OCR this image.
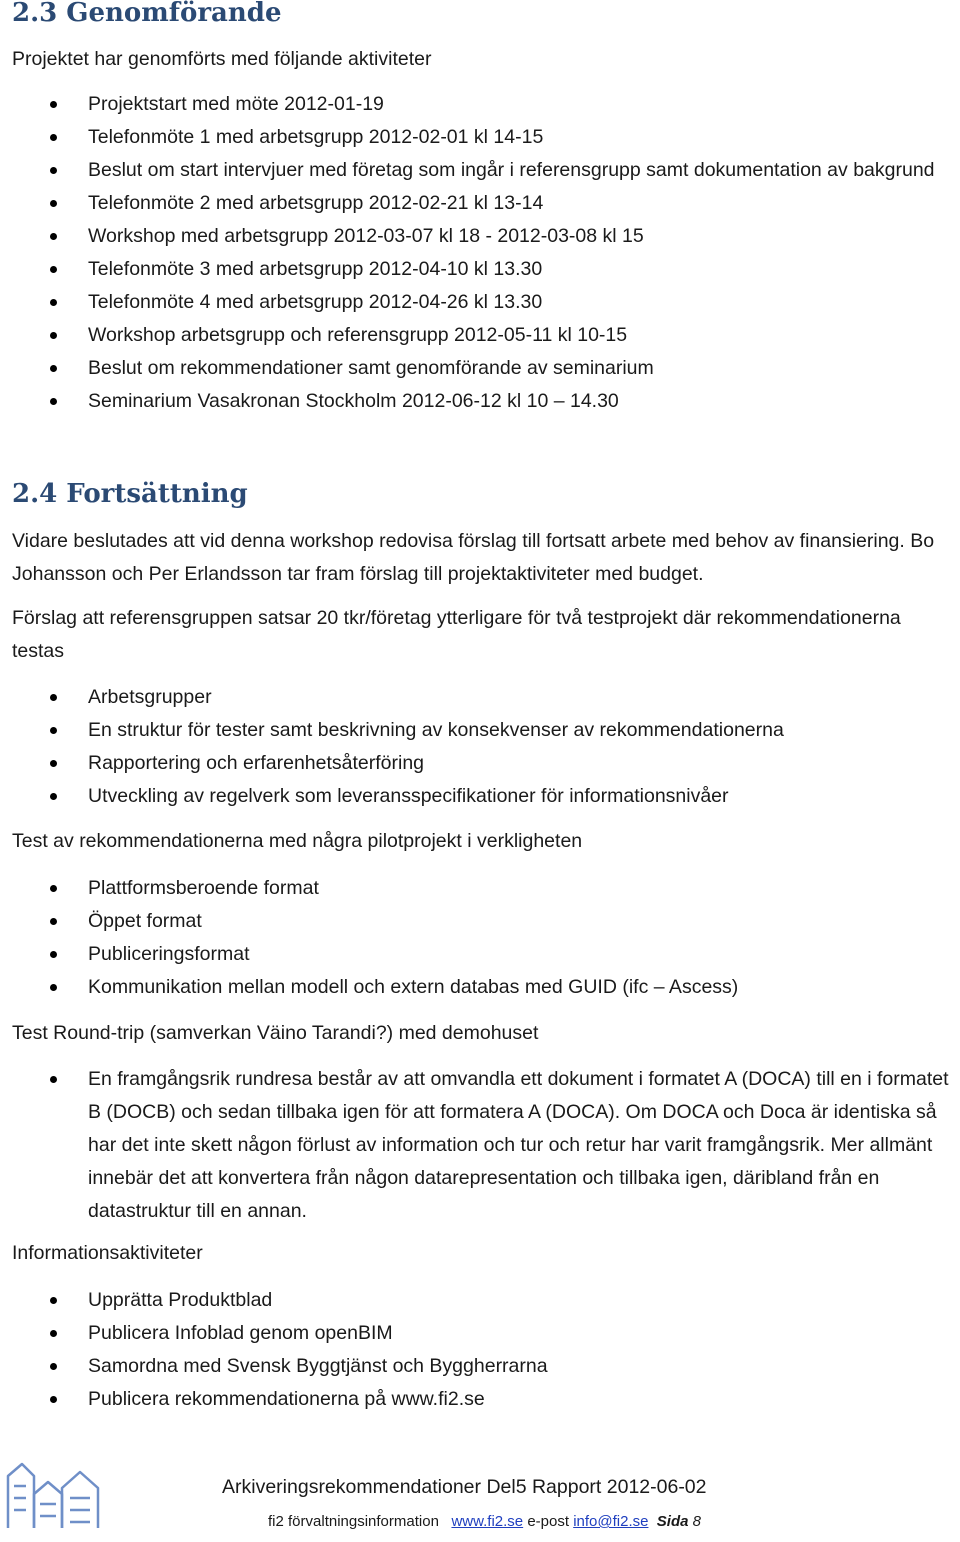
2.3 Genomförande

Projektet har genomförts med följande aktiviteter

Projektstart med möte 2012-01-19
Telefonmöte 1 med arbetsgrupp 2012-02-01 kl 14-15
Beslut om start intervjuer med företag som ingår i referensgrupp samt dokumentation av bakgrund
Telefonmöte 2 med arbetsgrupp 2012-02-21 kl 13-14
Workshop med arbetsgrupp 2012-03-07 kl 18 - 2012-03-08 kl 15
Telefonmöte 3 med arbetsgrupp 2012-04-10 kl 13.30
Telefonmöte 4 med arbetsgrupp 2012-04-26 kl 13.30
Workshop arbetsgrupp och referensgrupp 2012-05-11 kl 10-15
Beslut om rekommendationer samt genomförande av seminarium
Seminarium Vasakronan Stockholm 2012-06-12 kl 10 – 14.30
2.4 Fortsättning

Vidare beslutades att vid denna workshop redovisa förslag till fortsatt arbete med behov av finansiering. Bo Johansson och Per Erlandsson tar fram förslag till projektaktiviteter med budget.

Förslag att referensgruppen satsar 20 tkr/företag ytterligare för två testprojekt där rekommendationerna testas

Arbetsgrupper
En struktur för tester samt beskrivning av konsekvenser av rekommendationerna
Rapportering och erfarenhetsåterföring
Utveckling av regelverk som leveransspecifikationer för informationsnivåer

Test av rekommendationerna med några pilotprojekt i verkligheten

Plattformsberoende format
Öppet format
Publiceringsformat
Kommunikation mellan modell och extern databas med GUID (ifc – Ascess)

Test Round-trip (samverkan Väino Tarandi?) med demohuset

En framgångsrik rundresa består av att omvandla ett dokument i formatet A (DOCA) till en i formatet B (DOCB) och sedan tillbaka igen för att formatera A (DOCA). Om DOCA och Doca är identiska så har det inte skett någon förlust av information och tur och retur har varit framgångsrik. Mer allmänt innebär det att konvertera från någon datarepresentation och tillbaka igen, däribland från en datastruktur till en annan.

Informationsaktiviteter

Upprätta Produktblad
Publicera Infoblad genom openBIM
Samordna med Svensk Byggtjänst och Byggherrarna
Publicera rekommendationerna på www.fi2.se
Arkiveringsrekommendationer Del5 Rapport 2012-06-02
fi2 förvaltningsinformation www.fi2.se e-post info@fi2.se Sida 8
